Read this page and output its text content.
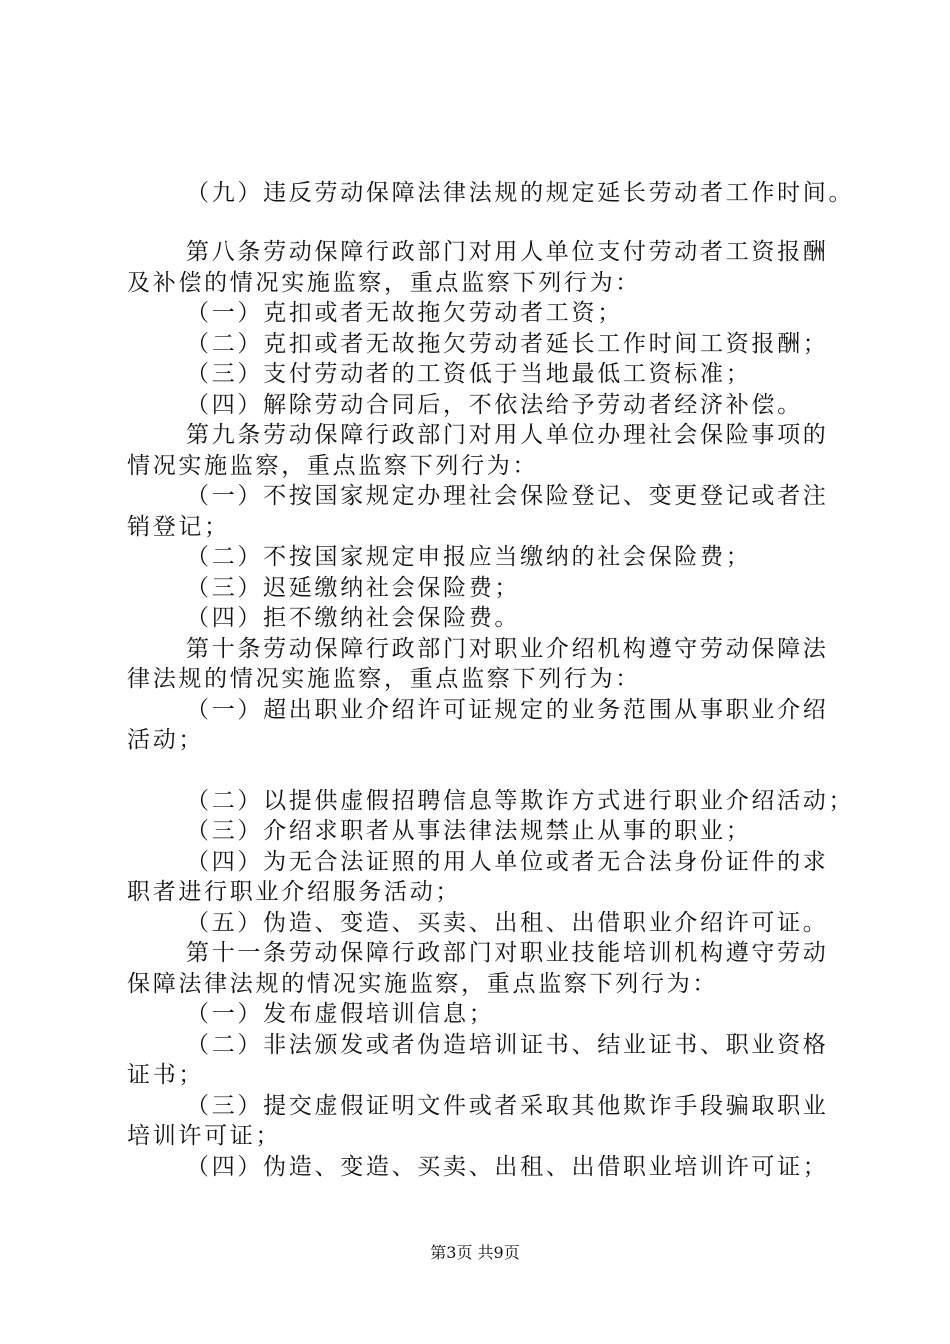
（九）违反劳动保障法律法规的规定延长劳动者工作时间。
第八条劳动保障行政部门对用人单位支付劳动者工资报酬
及补偿的情况实施监察，重点监察下列行为：
（一）克扣或者无故拖欠劳动者工资；
（二）克扣或者无故拖欠劳动者延长工作时间工资报酬；
（三）支付劳动者的工资低于当地最低工资标准；
（四）解除劳动合同后，不依法给予劳动者经济补偿。
第九条劳动保障行政部门对用人单位办理社会保险事项的
情况实施监察，重点监察下列行为：
（一）不按国家规定办理社会保险登记、变更登记或者注
销登记；
（二）不按国家规定申报应当缴纳的社会保险费；
（三）迟延缴纳社会保险费；
（四）拒不缴纳社会保险费。
第十条劳动保障行政部门对职业介绍机构遵守劳动保障法
律法规的情况实施监察，重点监察下列行为：
（一）超出职业介绍许可证规定的业务范围从事职业介绍
活动；
（二）以提供虚假招聘信息等欺诈方式进行职业介绍活动；
（三）介绍求职者从事法律法规禁止从事的职业；
（四）为无合法证照的用人单位或者无合法身份证件的求
职者进行职业介绍服务活动；
（五）伪造、变造、买卖、出租、出借职业介绍许可证。
第十一条劳动保障行政部门对职业技能培训机构遵守劳动
保障法律法规的情况实施监察，重点监察下列行为：
（一）发布虚假培训信息；
（二）非法颁发或者伪造培训证书、结业证书、职业资格
证书；
（三）提交虚假证明文件或者采取其他欺诈手段骗取职业
培训许可证；
（四）伪造、变造、买卖、出租、出借职业培训许可证；
第3页 共9页
